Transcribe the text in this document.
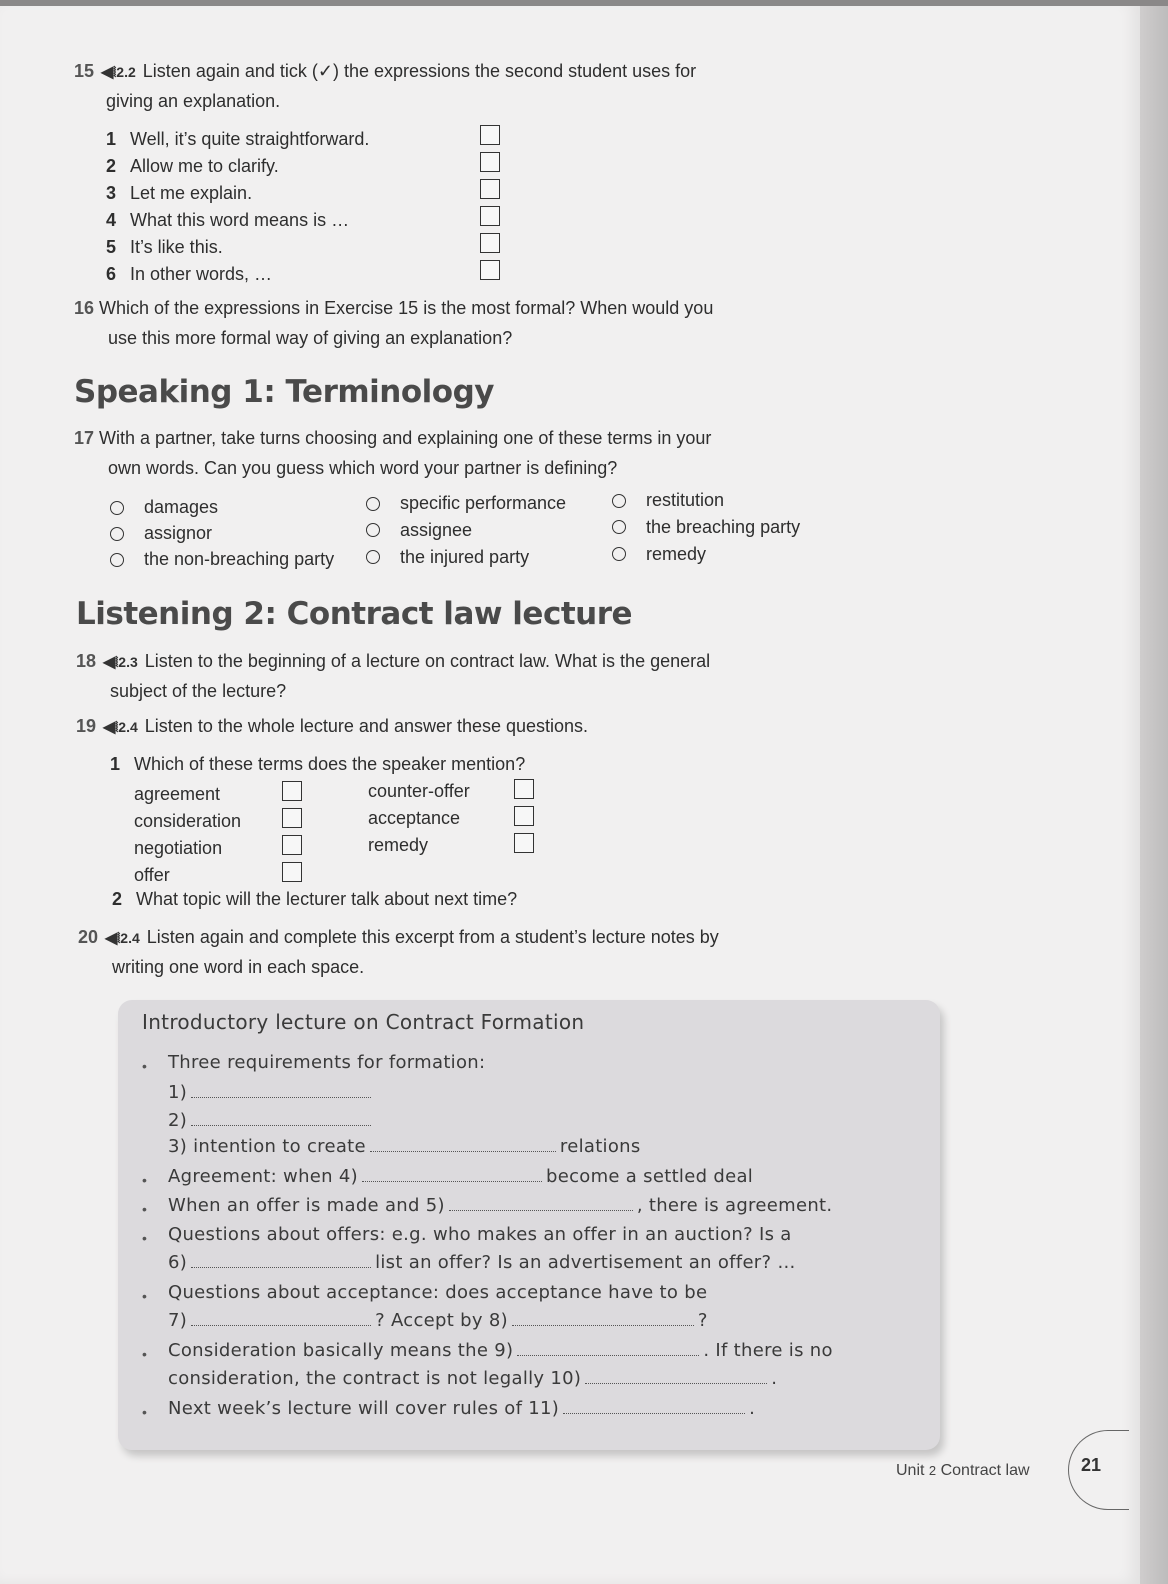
15 ◀⦚2.2 Listen again and tick (✓) the expressions the second student uses for
giving an explanation.
1 Well, it’s quite straightforward.
2 Allow me to clarify.
3 Let me explain.
4 What this word means is …
5 It’s like this.
6 In other words, …
16 Which of the expressions in Exercise 15 is the most formal? When would you
use this more formal way of giving an explanation?
Speaking 1: Terminology
17 With a partner, take turns choosing and explaining one of these terms in your
own words. Can you guess which word your partner is defining?
damages
assignor
the non-breaching party
specific performance
assignee
the injured party
restitution
the breaching party
remedy
Listening 2: Contract law lecture
18 ◀⦚2.3 Listen to the beginning of a lecture on contract law. What is the general
subject of the lecture?
19 ◀⦚2.4 Listen to the whole lecture and answer these questions.
1 Which of these terms does the speaker mention?
agreement
consideration
negotiation
offer
counter-offer
acceptance
remedy
2 What topic will the lecturer talk about next time?
20 ◀⦚2.4 Listen again and complete this excerpt from a student’s lecture notes by
writing one word in each space.
Introductory lecture on Contract Formation
• Three requirements for formation:
1)
2)
3) intention to create	relations
• Agreement: when 4)	become a settled deal
• When an offer is made and 5)	, there is agreement.
• Questions about offers: e.g. who makes an offer in an auction? Is a
6)	list an offer? Is an advertisement an offer? …
• Questions about acceptance: does acceptance have to be
7)	? Accept by 8)	?
• Consideration basically means the 9)	. If there is no
consideration, the contract is not legally 10)	.
• Next week’s lecture will cover rules of 11)	.
Unit 2 Contract law	21
